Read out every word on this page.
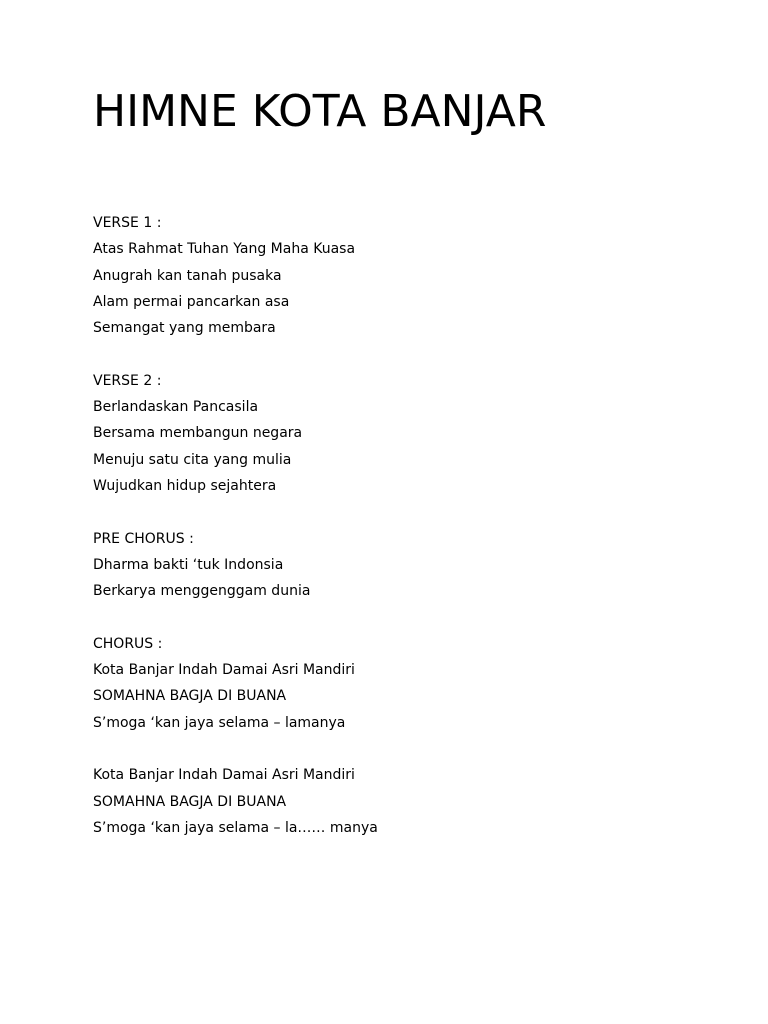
HIMNE KOTA BANJAR
VERSE 1 :
Atas Rahmat Tuhan Yang Maha Kuasa
Anugrah kan tanah pusaka
Alam permai pancarkan asa
Semangat yang membara
VERSE 2 :
Berlandaskan Pancasila
Bersama membangun negara
Menuju satu cita yang mulia
Wujudkan hidup sejahtera
PRE CHORUS :
Dharma bakti ‘tuk Indonsia
Berkarya menggenggam dunia
CHORUS :
Kota Banjar Indah Damai Asri Mandiri
SOMAHNA BAGJA DI BUANA
S’moga ‘kan jaya selama – lamanya
Kota Banjar Indah Damai Asri Mandiri
SOMAHNA BAGJA DI BUANA
S’moga ‘kan jaya selama – la…… manya
